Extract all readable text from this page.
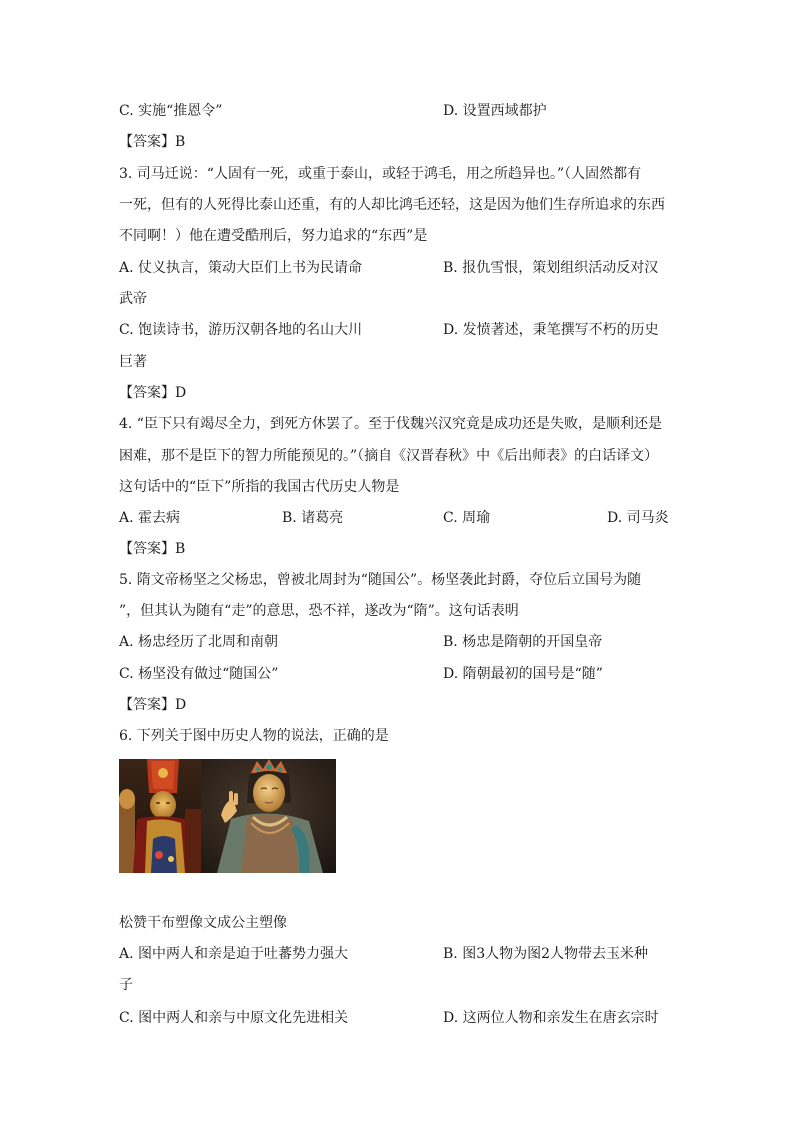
C. 实施“推恩令”	D. 设置西域都护
【答案】B
3. 司马迁说：“人固有一死，或重于泰山，或轻于鸿毛，用之所趋异也。”（人固然都有
一死，但有的人死得比泰山还重，有的人却比鸿毛还轻，这是因为他们生存所追求的东西
不同啊！）他在遭受酷刑后，努力追求的“东西”是
A. 仗义执言，策动大臣们上书为民请命	B. 报仇雪恨，策划组织活动反对汉
武帝
C. 饱读诗书，游历汉朝各地的名山大川	D. 发愤著述，秉笔撰写不朽的历史
巨著
【答案】D
4. “臣下只有竭尽全力，到死方休罢了。至于伐魏兴汉究竟是成功还是失败，是顺利还是
困难，那不是臣下的智力所能预见的。”（摘自《汉晋春秋》中《后出师表》的白话译文）
这句话中的“臣下”所指的我国古代历史人物是
A. 霍去病	B. 诸葛亮	C. 周瑜	D. 司马炎
【答案】B
5. 隋文帝杨坚之父杨忠，曾被北周封为“随国公”。杨坚袭此封爵，夺位后立国号为随
”，但其认为随有“走”的意思，恐不祥，遂改为“隋”。这句话表明
A. 杨忠经历了北周和南朝	B. 杨忠是隋朝的开国皇帝
C. 杨坚没有做过“随国公”	D. 隋朝最初的国号是“随”
【答案】D
6. 下列关于图中历史人物的说法，正确的是
松赞干布塑像文成公主塑像
A. 图中两人和亲是迫于吐蕃势力强大	B. 图3人物为图2人物带去玉米种
子
C. 图中两人和亲与中原文化先进相关	D. 这两位人物和亲发生在唐玄宗时
